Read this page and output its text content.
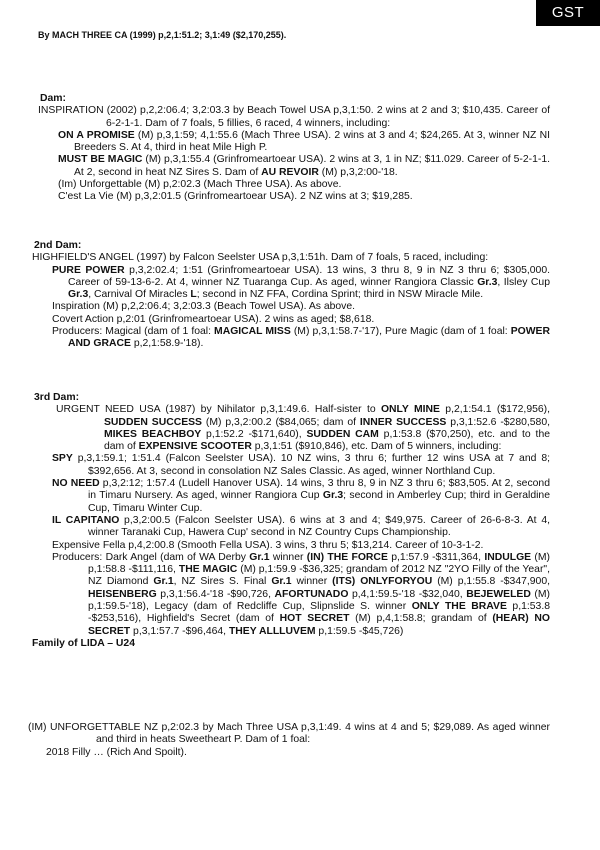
GST
By MACH THREE CA (1999) p,2,1:51.2; 3,1:49 ($2,170,255).
Dam:
INSPIRATION (2002) p,2,2:06.4; 3,2:03.3 by Beach Towel USA p,3,1:50. 2 wins at 2 and 3; $10,435. Career of 6-2-1-1. Dam of 7 foals, 5 fillies, 6 raced, 4 winners, including:
ON A PROMISE (M) p,3,1:59; 4,1:55.6 (Mach Three USA). 2 wins at 3 and 4; $24,265. At 3, winner NZ NI Breeders S. At 4, third in heat Mile High P.
MUST BE MAGIC (M) p,3,1:55.4 (Grinfromeartoear USA). 2 wins at 3, 1 in NZ; $11.029. Career of 5-2-1-1. At 2, second in heat NZ Sires S. Dam of AU REVOIR (M) p,3,2:00-'18.
(Im) Unforgettable (M) p,2:02.3 (Mach Three USA). As above.
C'est La Vie (M) p,3,2:01.5 (Grinfromeartoear USA). 2 NZ wins at 3; $19,285.
2nd Dam:
HIGHFIELD'S ANGEL (1997) by Falcon Seelster USA p,3,1:51h. Dam of 7 foals, 5 raced, including:
PURE POWER p,3,2:02.4; 1:51 (Grinfromeartoear USA). 13 wins, 3 thru 8, 9 in NZ 3 thru 6; $305,000. Career of 59-13-6-2. At 4, winner NZ Tuaranga Cup. As aged, winner Rangiora Classic Gr.3, Ilsley Cup Gr.3, Carnival Of Miracles L; second in NZ FFA, Cordina Sprint; third in NSW Miracle Mile.
Inspiration (M) p,2,2:06.4; 3,2:03.3 (Beach Towel USA). As above.
Covert Action p,2:01 (Grinfromeartoear USA). 2 wins as aged; $8,618.
Producers: Magical (dam of 1 foal: MAGICAL MISS (M) p,3,1:58.7-'17), Pure Magic (dam of 1 foal: POWER AND GRACE p,2,1:58.9-'18).
3rd Dam:
URGENT NEED USA (1987) by Nihilator p,3,1:49.6. Half-sister to ONLY MINE p,2,1:54.1 ($172,956), SUDDEN SUCCESS (M) p,3,2:00.2 ($84,065; dam of INNER SUCCESS p,3,1:52.6 -$280,580, MIKES BEACHBOY p,1:52.2 -$171,640), SUDDEN CAM p,1:53.8 ($70,250), etc. and to the dam of EXPENSIVE SCOOTER p,3,1:51 ($910,846), etc. Dam of 5 winners, including:
SPY p,3,1:59.1; 1:51.4 (Falcon Seelster USA). 10 NZ wins, 3 thru 6; further 12 wins USA at 7 and 8; $392,656. At 3, second in consolation NZ Sales Classic. As aged, winner Northland Cup.
NO NEED p,3,2:12; 1:57.4 (Ludell Hanover USA). 14 wins, 3 thru 8, 9 in NZ 3 thru 6; $83,505. At 2, second in Timaru Nursery. As aged, winner Rangiora Cup Gr.3; second in Amberley Cup; third in Geraldine Cup, Timaru Winter Cup.
IL CAPITANO p,3,2:00.5 (Falcon Seelster USA). 6 wins at 3 and 4; $49,975. Career of 26-6-8-3. At 4, winner Taranaki Cup, Hawera Cup' second in NZ Country Cups Championship.
Expensive Fella p,4,2:00.8 (Smooth Fella USA). 3 wins, 3 thru 5; $13,214. Career of 10-3-1-2.
Producers: Dark Angel (dam of WA Derby Gr.1 winner (IN) THE FORCE p,1:57.9 -$311,364, INDULGE (M) p,1:58.8 -$111,116, THE MAGIC (M) p,1:59.9 -$36,325; grandam of 2012 NZ "2YO Filly of the Year", NZ Diamond Gr.1, NZ Sires S. Final Gr.1 winner (ITS) ONLYFORYOU (M) p,1:55.8 -$347,900, HEISENBERG p,3,1:56.4-'18 -$90,726, AFORTUNADO p,4,1:59.5-'18 -$32,040, BEJEWELED (M) p,1:59.5-'18), Legacy (dam of Redcliffe Cup, Slipnslide S. winner ONLY THE BRAVE p,1:53.8 -$253,516), Highfield's Secret (dam of HOT SECRET (M) p,4,1:58.8; grandam of (HEAR) NO SECRET p,3,1:57.7 -$96,464, THEY ALLLUVEM p,1:59.5 -$45,726)
Family of LIDA – U24
(IM) UNFORGETTABLE NZ p,2:02.3 by Mach Three USA p,3,1:49. 4 wins at 4 and 5; $29,089. As aged winner and third in heats Sweetheart P. Dam of 1 foal:
2018 Filly … (Rich And Spoilt).
